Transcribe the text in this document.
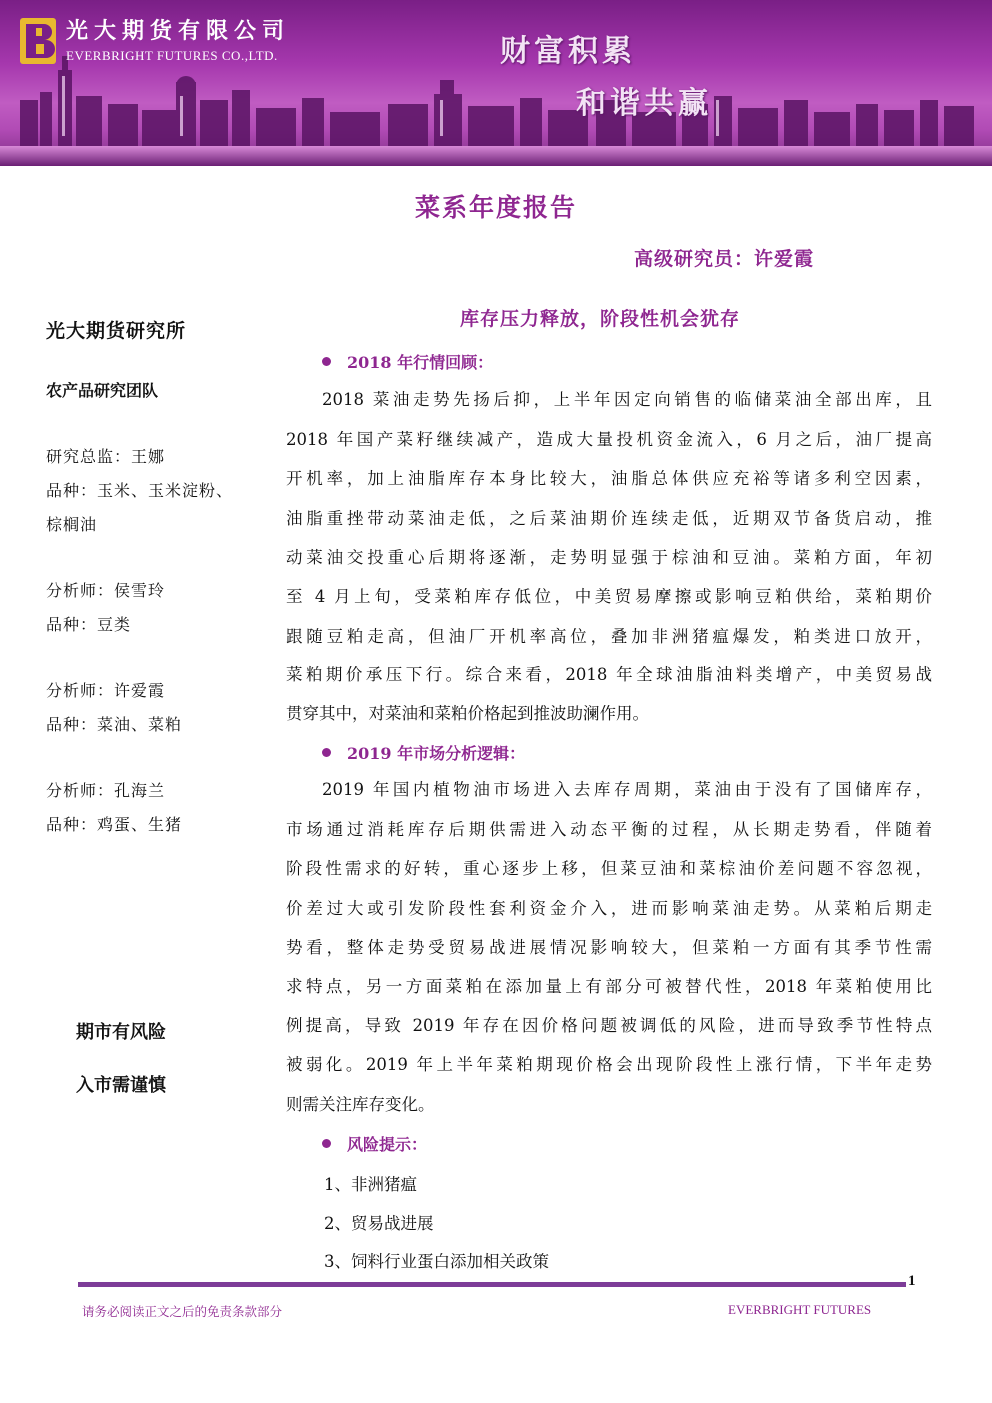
光大期货有限公司
EVERBRIGHT FUTURES CO.,LTD.	财富积累
和谐共赢
菜系年度报告
高级研究员：许爱霞
库存压力释放，阶段性机会犹存
光大期货研究所
农产品研究团队
研究总监：王娜
品种：玉米、玉米淀粉、
棕榈油
分析师：侯雪玲
品种：豆类
分析师：许爱霞
品种：菜油、菜粕
分析师：孔海兰
品种：鸡蛋、生猪
期市有风险
入市需谨慎
2018 年行情回顾：
2018 菜油走势先扬后抑，上半年因定向销售的临储菜油全部出库，且
2018 年国产菜籽继续减产，造成大量投机资金流入，6 月之后，油厂提高
开机率，加上油脂库存本身比较大，油脂总体供应充裕等诸多利空因素，
油脂重挫带动菜油走低，之后菜油期价连续走低，近期双节备货启动，推
动菜油交投重心后期将逐渐，走势明显强于棕油和豆油。菜粕方面，年初
至 4 月上旬，受菜粕库存低位，中美贸易摩擦或影响豆粕供给，菜粕期价
跟随豆粕走高，但油厂开机率高位，叠加非洲猪瘟爆发，粕类进口放开，
菜粕期价承压下行。综合来看，2018 年全球油脂油料类增产，中美贸易战
贯穿其中，对菜油和菜粕价格起到推波助澜作用。
2019 年市场分析逻辑：
2019 年国内植物油市场进入去库存周期，菜油由于没有了国储库存，
市场通过消耗库存后期供需进入动态平衡的过程，从长期走势看，伴随着
阶段性需求的好转，重心逐步上移，但菜豆油和菜棕油价差问题不容忽视，
价差过大或引发阶段性套利资金介入，进而影响菜油走势。从菜粕后期走
势看，整体走势受贸易战进展情况影响较大，但菜粕一方面有其季节性需
求特点，另一方面菜粕在添加量上有部分可被替代性，2018 年菜粕使用比
例提高，导致 2019 年存在因价格问题被调低的风险，进而导致季节性特点
被弱化。2019 年上半年菜粕期现价格会出现阶段性上涨行情，下半年走势
则需关注库存变化。
风险提示：
1、非洲猪瘟
2、贸易战进展
3、饲料行业蛋白添加相关政策
1
请务必阅读正文之后的免责条款部分	EVERBRIGHT FUTURES
